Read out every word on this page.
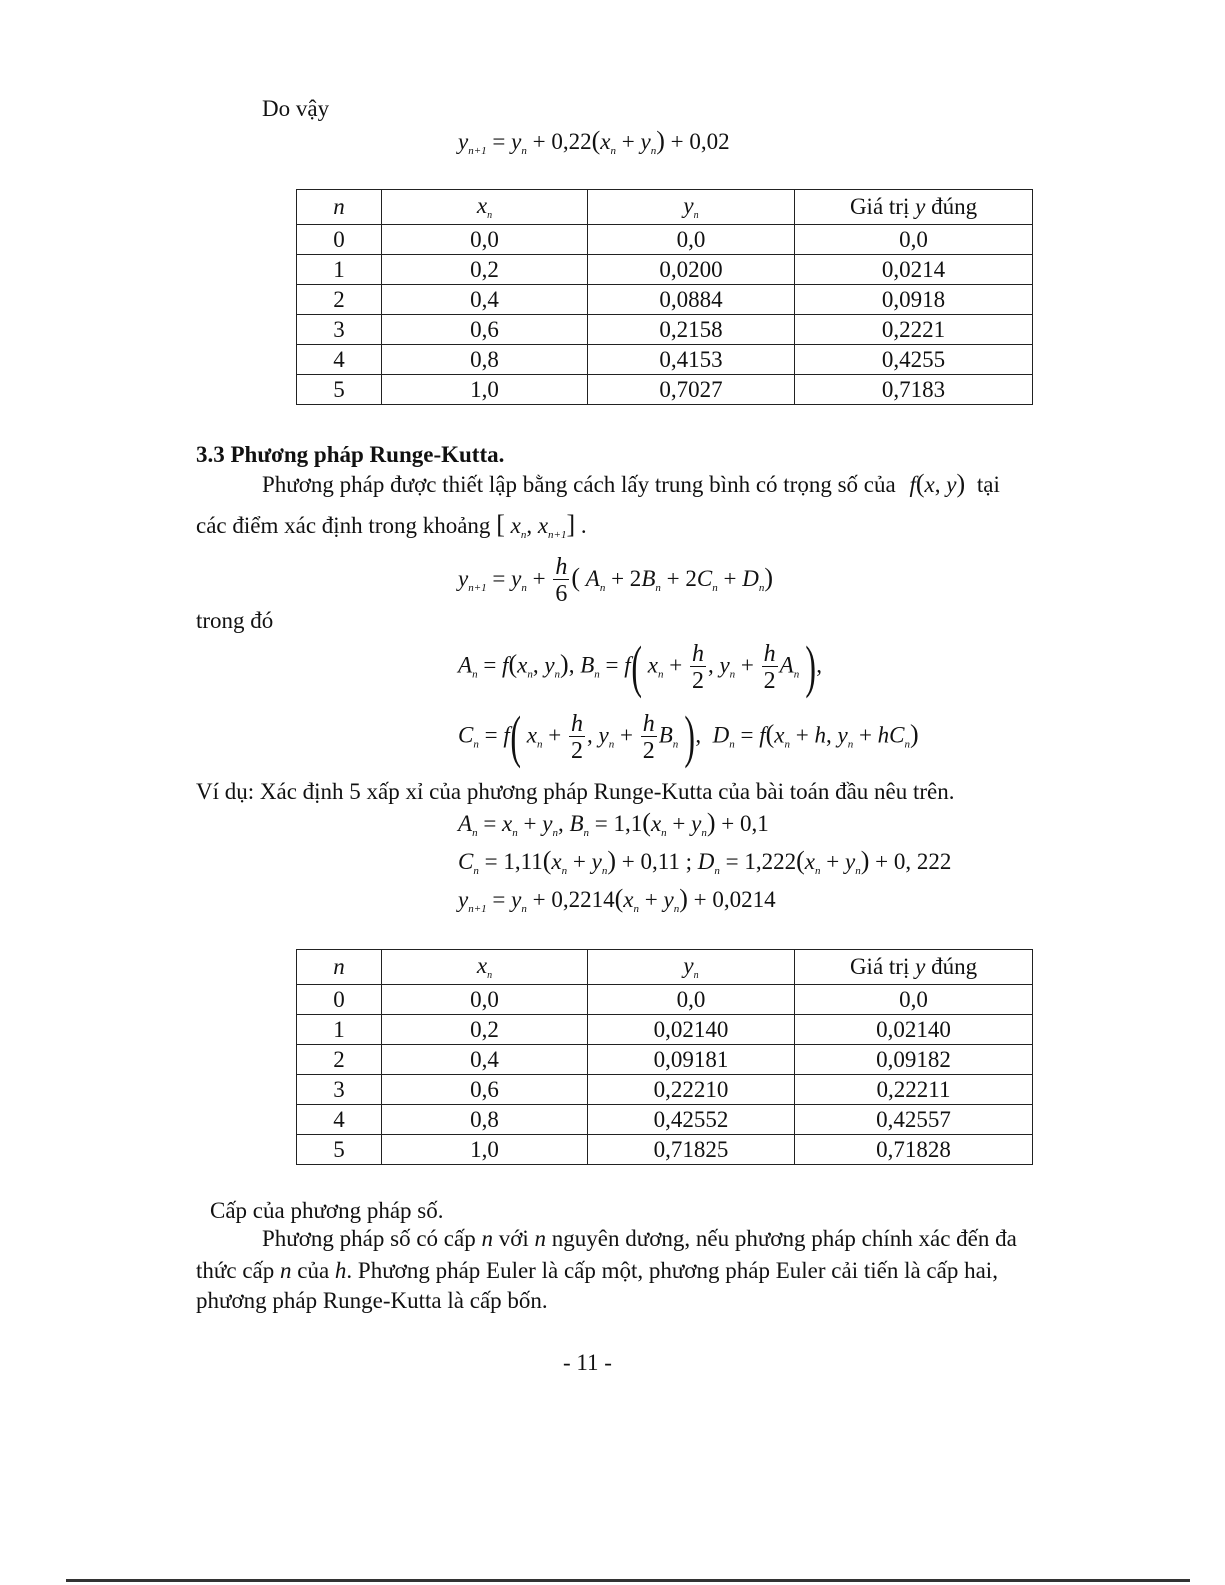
Do vậy
$y_{n+1} = y_n + 0,22(x_n + y_n) + 0,02$
n	$x_n$	$y_n$	Giá trị y đúng
0	0,0	0,0	0,0
1	0,2	0,0200	0,0214
2	0,4	0,0884	0,0918
3	0,6	0,2158	0,2221
4	0,8	0,4153	0,4255
5	1,0	0,7027	0,7183
3.3 Phương pháp Runge-Kutta.
Phương pháp được thiết lập bằng cách lấy trung bình có trọng số của f(x, y) tại
các điểm xác định trong khoảng [ $x_n$, $x_{n+1}$] .
$y_{n+1} = y_n + \frac{h}{6}$ ( $A_n + 2B_n + 2C_n + D_n$)
trong đó
$A_n = f(x_n$, $y_n$), $B_n = f$( $x_n + \frac{h}{2}$ , $y_n + \frac{h}{2} A_n$ ),
$C_n = f$( $x_n + \frac{h}{2}$ , $y_n + \frac{h}{2} B_n$ ),  $D_n = f(x_n + h$, $y_n + hC_n$)
Ví dụ: Xác định 5 xấp xỉ của phương pháp Runge-Kutta của bài toán đầu nêu trên.
$A_n = x_n + y_n$, $B_n = 1,1(x_n + y_n) + 0,1$
$C_n = 1,11(x_n + y_n) + 0,11$ ; $D_n = 1,222(x_n + y_n) + 0$, 222
$y_{n+1} = y_n + 0,2214(x_n + y_n) + 0,0214$
n	$x_n$	$y_n$	Giá trị y đúng
0	0,0	0,0	0,0
1	0,2	0,02140	0,02140
2	0,4	0,09181	0,09182
3	0,6	0,22210	0,22211
4	0,8	0,42552	0,42557
5	1,0	0,71825	0,71828
Cấp của phương pháp số.
Phương pháp số có cấp n với n nguyên dương, nếu phương pháp chính xác đến đa
thức cấp n của h. Phương pháp Euler là cấp một, phương pháp Euler cải tiến là cấp hai,
phương pháp Runge-Kutta là cấp bốn.
- 11 -
